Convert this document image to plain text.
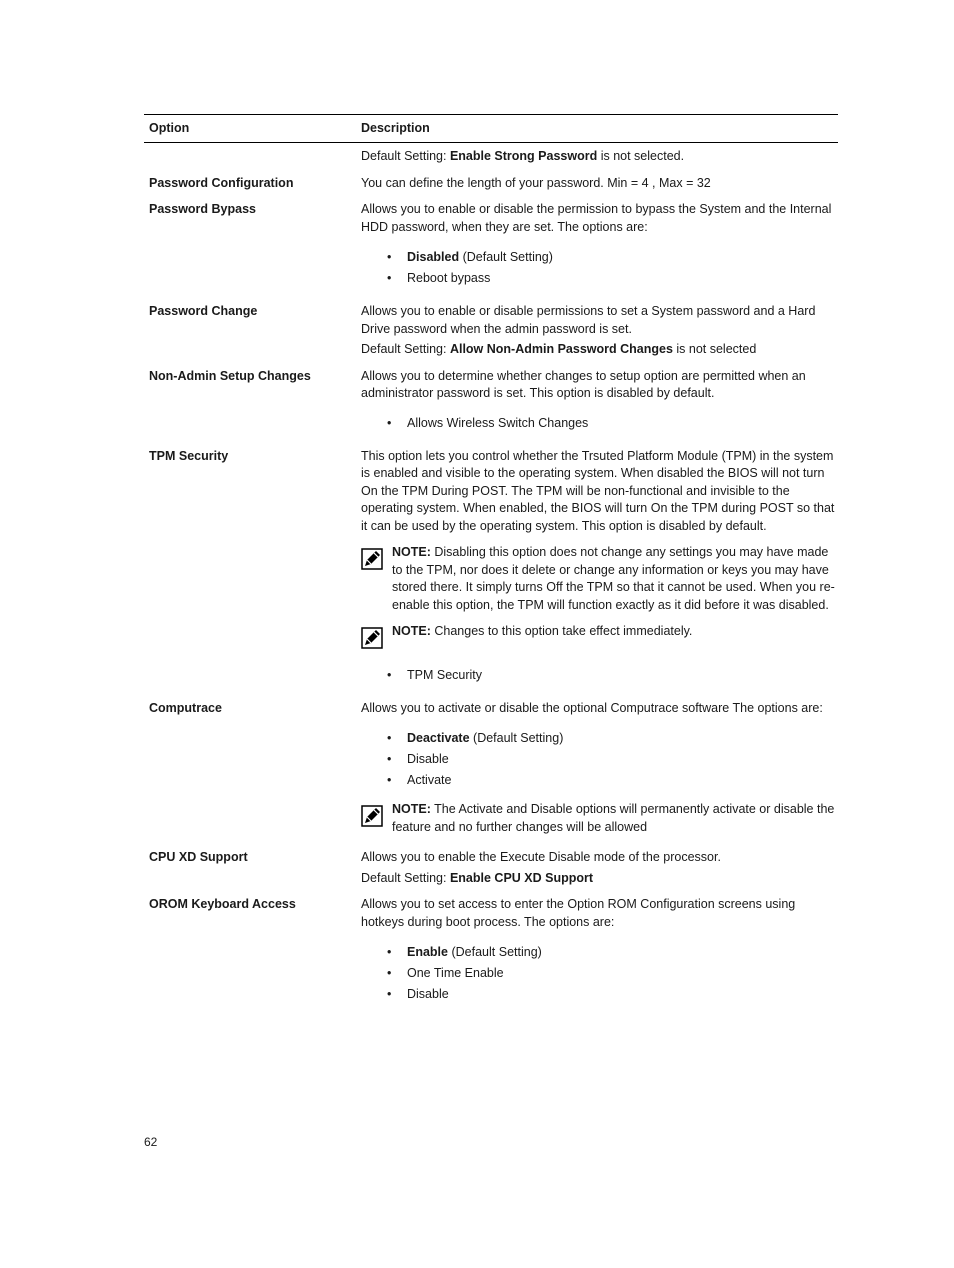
Option	Description

Default Setting: Enable Strong Password is not selected.

Password Configuration	You can define the length of your password. Min = 4 , Max = 32
Password Bypass	Allows you to enable or disable the permission to bypass the System and the Internal HDD password, when they are set. The options are:

• Disabled (Default Setting)
• Reboot bypass
Password Change	Allows you to enable or disable permissions to set a System password and a Hard Drive password when the admin password is set.

Default Setting: Allow Non-Admin Password Changes is not selected

Non-Admin Setup Changes	Allows you to determine whether changes to setup option are permitted when an administrator password is set. This option is disabled by default.

• Allows Wireless Switch Changes
TPM Security	This option lets you control whether the Trsuted Platform Module (TPM) in the system is enabled and visible to the operating system. When disabled the BIOS will not turn On the TPM During POST. The TPM will be non-functional and invisible to the operating system. When enabled, the BIOS will turn On the TPM during POST so that it can be used by the operating system. This option is disabled by default.

NOTE: Disabling this option does not change any settings you may have made to the TPM, nor does it delete or change any information or keys you may have stored there. It simply turns Off the TPM so that it cannot be used. When you re-enable this option, the TPM will function exactly as it did before it was disabled.
NOTE: Changes to this option take effect immediately.
• TPM Security
Computrace	Allows you to activate or disable the optional Computrace software The options are:

• Deactivate (Default Setting)
• Disable
• Activate
NOTE: The Activate and Disable options will permanently activate or disable the feature and no further changes will be allowed
CPU XD Support	Allows you to enable the Execute Disable mode of the processor.

Default Setting: Enable CPU XD Support

OROM Keyboard Access	Allows you to set access to enter the Option ROM Configuration screens using hotkeys during boot process. The options are:

• Enable (Default Setting)
• One Time Enable
• Disable
62
